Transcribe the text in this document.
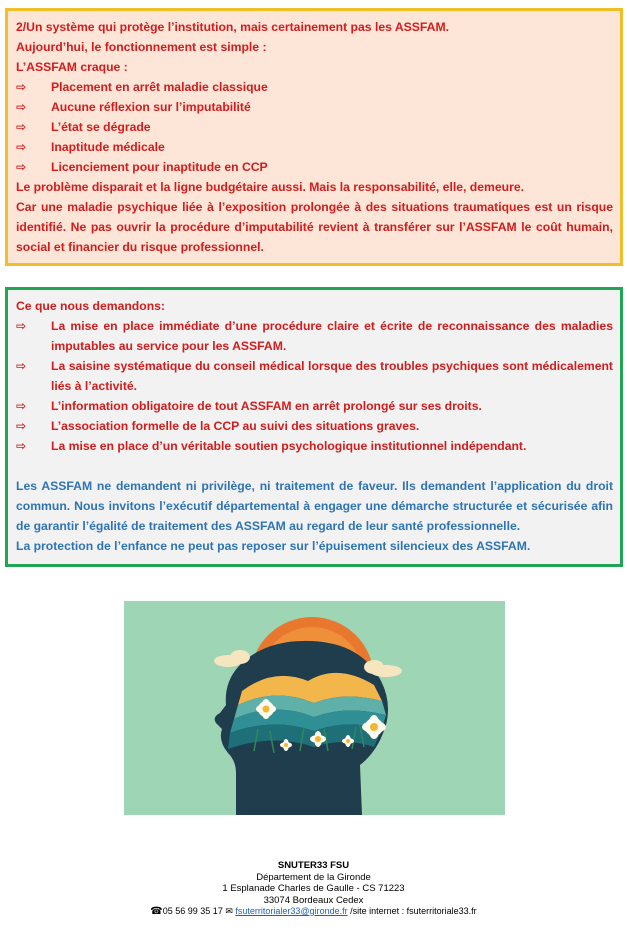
2/Un système qui protège l’institution, mais certainement pas les ASSFAM.
Aujourd’hui, le fonctionnement est simple :
L’ASSFAM craque :
⇨	Placement en arrêt maladie classique
⇨	Aucune réflexion sur l’imputabilité
⇨	L’état se dégrade
⇨	Inaptitude médicale
⇨	Licenciement pour inaptitude en CCP
Le problème disparait et la ligne budgétaire aussi. Mais la responsabilité, elle, demeure.
Car une maladie psychique liée à l’exposition prolongée à des situations traumatiques est un risque identifié. Ne pas ouvrir la procédure d’imputabilité revient à transférer sur l’ASSFAM le coût humain, social et financier du risque professionnel.
Ce que nous demandons:
⇨	La mise en place immédiate d’une procédure claire et écrite de reconnaissance des maladies imputables au service pour les ASSFAM.
⇨	La saisine systématique du conseil médical lorsque des troubles psychiques sont médicalement liés à l’activité.
⇨	L’information obligatoire de tout ASSFAM en arrêt prolongé sur ses droits.
⇨	L’association formelle de la CCP au suivi des situations graves.
⇨	La mise en place d’un véritable soutien psychologique institutionnel indépendant.
Les ASSFAM ne demandent ni privilège, ni traitement de faveur. Ils demandent l’application du droit commun. Nous invitons l’exécutif départemental à engager une démarche structurée et sécurisée afin de garantir l’égalité de traitement des ASSFAM au regard de leur santé professionnelle.
La protection de l’enfance ne peut pas reposer sur l’épuisement silencieux des ASSFAM.
SNUTER33 FSU
Département de la Gironde
1 Esplanade Charles de Gaulle - CS 71223
33074 Bordeaux Cedex
☎05 56 99 35 17 ✉ fsuterritorialer33@gironde.fr /site internet : fsuterritoriale33.fr
